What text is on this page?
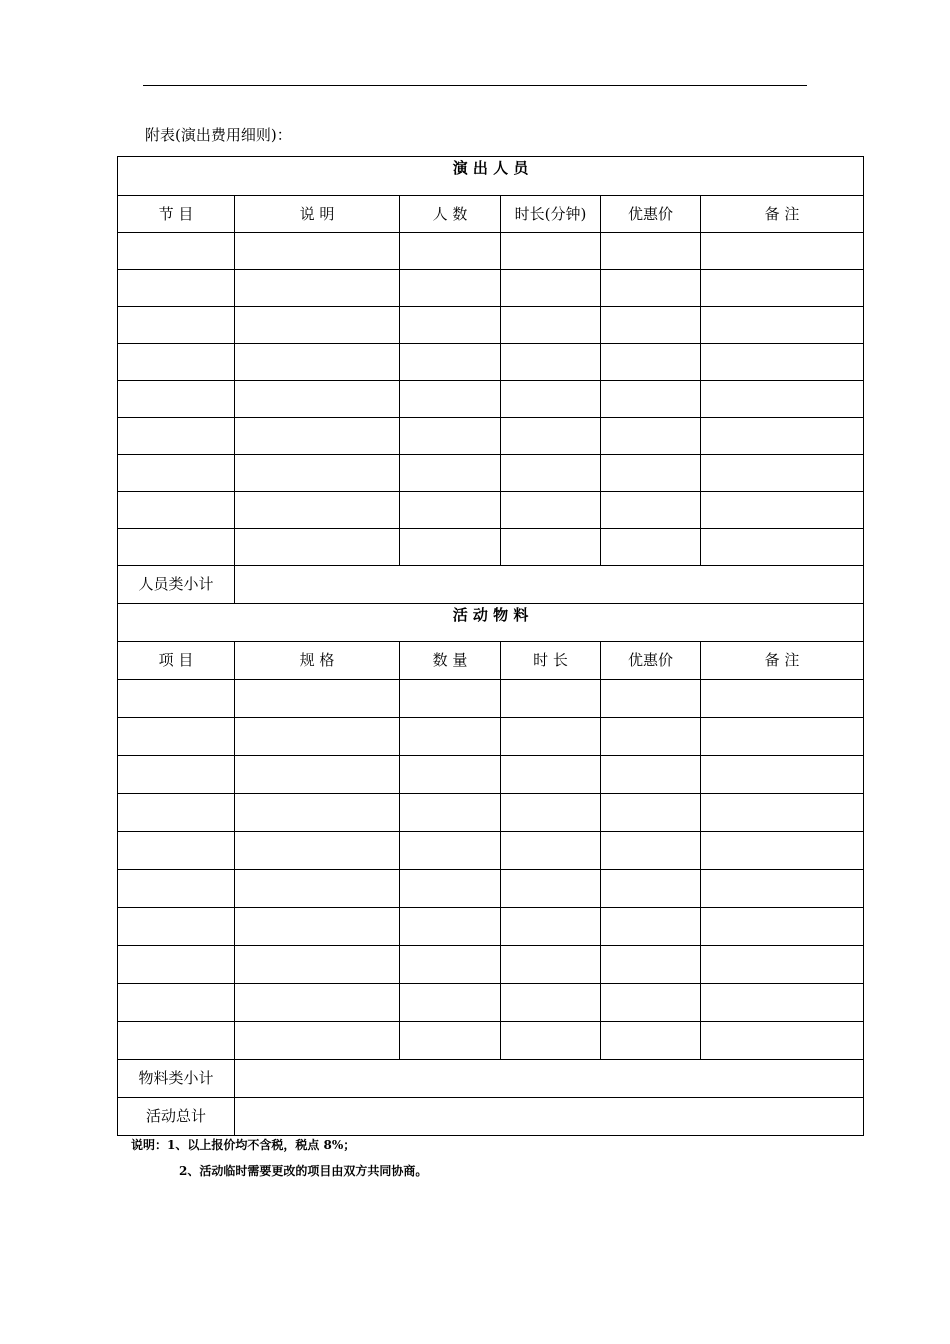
附表(演出费用细则)：
演 出 人 员					
节 目	说 明	人 数	时长(分钟)	优惠价	备 注

人员类小计					
活 动 物 料					
项 目	规 格	数 量	时 长	优惠价	备 注

物料类小计					
活动总计					
说明：1、以上报价均不含税，税点 8%；
2、活动临时需要更改的项目由双方共同协商。
